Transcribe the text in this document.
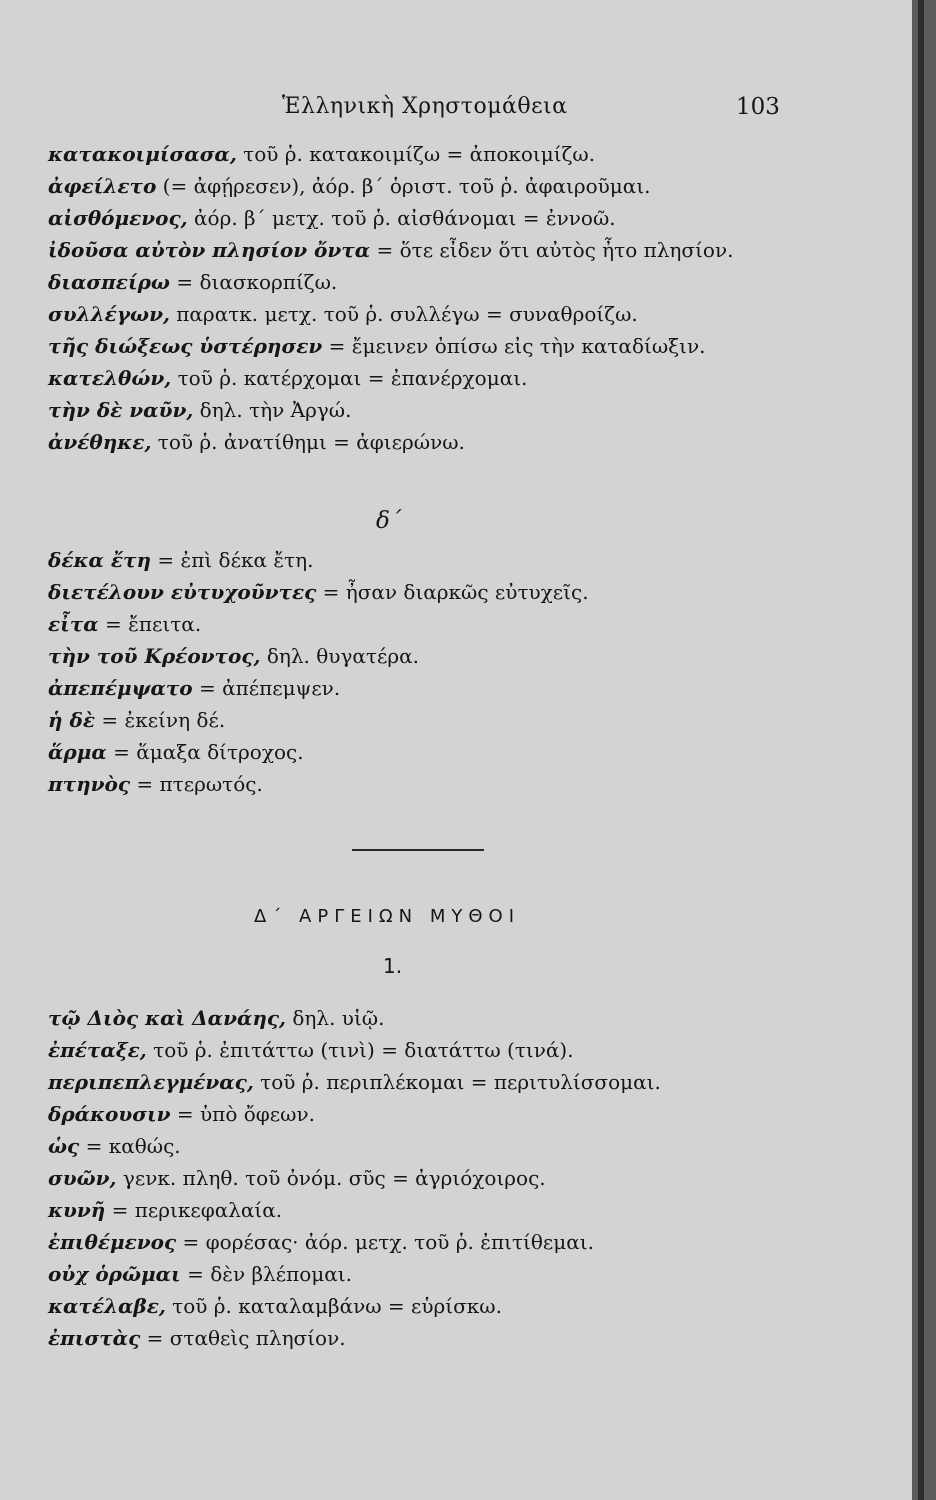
Ἑλληνικὴ Χρηστομάθεια	103
κατακοιμίσασα, τοῦ ῥ. κατακοιμίζω = ἀποκοιμίζω.
ἀφείλετο (= ἀφῄρεσεν), ἀόρ. β΄ ὁριστ. τοῦ ῥ. ἀφαιροῦμαι.
αἰσθόμενος, ἀόρ. β΄ μετχ. τοῦ ῥ. αἰσθάνομαι = ἐννοῶ.
ἰδοῦσα αὐτὸν πλησίον ὄντα = ὅτε εἶδεν ὅτι αὐτὸς ἦτο πλησίον.
διασπείρω = διασκορπίζω.
συλλέγων, παρατκ. μετχ. τοῦ ῥ. συλλέγω = συναθροίζω.
τῆς διώξεως ὑστέρησεν = ἔμεινεν ὀπίσω εἰς τὴν καταδίωξιν.
κατελθών, τοῦ ῥ. κατέρχομαι = ἐπανέρχομαι.
τὴν δὲ ναῦν, δηλ. τὴν Ἀργώ.
ἀνέθηκε, τοῦ ῥ. ἀνατίθημι = ἀφιερώνω.
δ΄
δέκα ἔτη = ἐπὶ δέκα ἔτη.
διετέλουν εὐτυχοῦντες = ἦσαν διαρκῶς εὐτυχεῖς.
εἶτα = ἔπειτα.
τὴν τοῦ Κρέοντος, δηλ. θυγατέρα.
ἀπεπέμψατο = ἀπέπεμψεν.
ἡ δὲ = ἐκείνη δέ.
ἅρμα = ἅμαξα δίτροχος.
πτηνὸς = πτερωτός.
Δ΄ ΑΡΓΕΙΩΝ ΜΥΘΟΙ
1.
τῷ Διὸς καὶ Δανάης, δηλ. υἱῷ.
ἐπέταξε, τοῦ ῥ. ἐπιτάττω (τινὶ) = διατάττω (τινά).
περιπεπλεγμένας, τοῦ ῥ. περιπλέκομαι = περιτυλίσσομαι.
δράκουσιν = ὑπὸ ὄφεων.
ὡς = καθώς.
συῶν, γενκ. πληθ. τοῦ ὀνόμ. σῦς = ἀγριόχοιρος.
κυνῆ = περικεφαλαία.
ἐπιθέμενος = φορέσας· ἀόρ. μετχ. τοῦ ῥ. ἐπιτίθεμαι.
οὐχ ὁρῶμαι = δὲν βλέπομαι.
κατέλαβε, τοῦ ῥ. καταλαμβάνω = εὑρίσκω.
ἐπιστὰς = σταθεὶς πλησίον.
